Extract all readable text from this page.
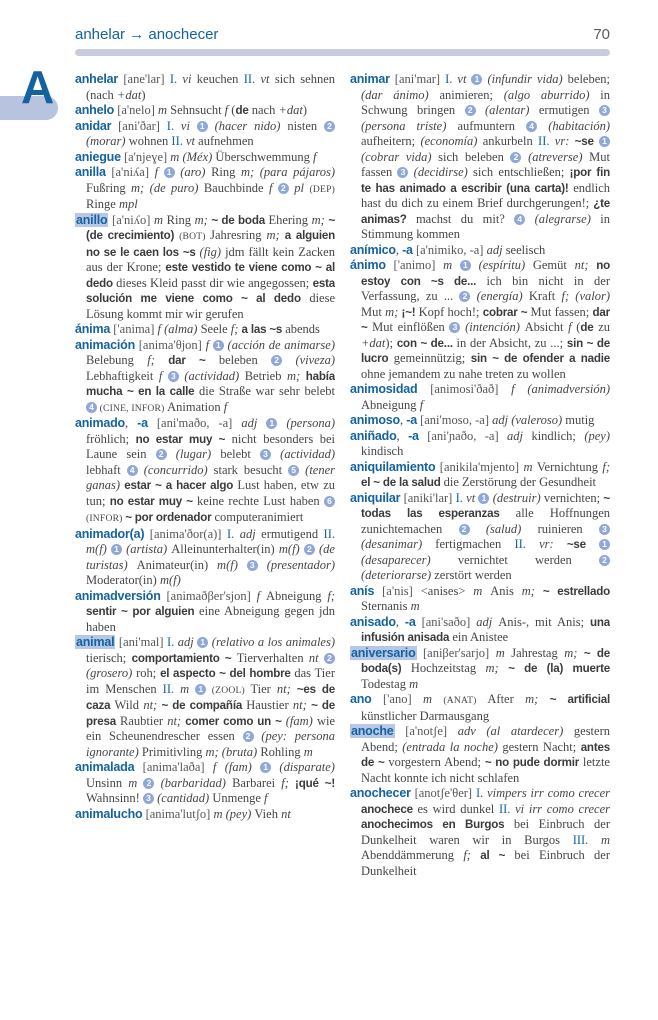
anhelar → anochecer	70
A anhelar [ane'lar] I. vi keuchen II. vt sich sehnen (nach +dat)

anhelo [a'nelo] m Sehnsucht f (de nach +dat)

anidar [ani'ðar] I. vi 1 (hacer nido) nisten 2 (morar) wohnen II. vt aufnehmen

aniegue [a'njeɣe] m (Méx) Überschwemmung f

anilla [a'niʎa] f 1 (aro) Ring m; (para pájaros) Fußring m; (de puro) Bauchbinde f 2 pl (DEP) Ringe mpl

anillo [a'niʎo] m Ring m; ~ de boda Ehering m; ~ (de crecimiento) (BOT) Jahresring m; a alguien no se le caen los ~s (fig) jdm fällt kein Zacken aus der Krone; este vestido te viene como ~ al dedo dieses Kleid passt dir wie angegossen; esta solución me viene como ~ al dedo diese Lösung kommt mir wir gerufen

ánima ['anima] f (alma) Seele f; a las ~s abends

animación [anima'θjon] f 1 (acción de animarse) Belebung f; dar ~ beleben 2 (viveza) Lebhaftigkeit f 3 (actividad) Betrieb m; había mucha ~ en la calle die Straße war sehr belebt 4 (CINE, INFOR) Animation f

animado, -a [ani'maðo, -a] adj 1 (persona) fröhlich; no estar muy ~ nicht besonders bei Laune sein 2 (lugar) belebt 3 (actividad) lebhaft 4 (concurrido) stark besucht 5 (tener ganas) estar ~ a hacer algo Lust haben, etw zu tun; no estar muy ~ keine rechte Lust haben 6 (INFOR) ~ por ordenador computeranimiert

animador(a) [anima'ðor(a)] I. adj ermutigend II. m(f) 1 (artista) Alleinunterhalter(in) m(f) 2 (de turistas) Animateur(in) m(f) 3 (presentador) Moderator(in) m(f)

animadversión [animaðβer'sjon] f Abneigung f; sentir ~ por alguien eine Abneigung gegen jdn haben

animal [ani'mal] I. adj 1 (relativo a los animales) tierisch; comportamiento ~ Tierverhalten nt 2 (grosero) roh; el aspecto ~ del hombre das Tier im Menschen II. m 1 (ZOOL) Tier nt; ~es de caza Wild nt; ~ de compañía Haustier nt; ~ de presa Raubtier nt; comer como un ~ (fam) wie ein Scheunendrescher essen 2 (pey: persona ignorante) Primitivling m; (bruta) Rohling m

animalada [anima'laða] f (fam) 1 (disparate) Unsinn m 2 (barbaridad) Barbarei f; ¡qué ~! Wahnsinn! 3 (cantidad) Unmenge f

animalucho [anima'lutʃo] m (pey) Vieh nt

animar [ani'mar] I. vt 1 (infundir vida) beleben; (dar ánimo) animieren; (algo aburrido) in Schwung bringen 2 (alentar) ermutigen 3 (persona triste) aufmuntern 4 (habitación) aufheitern; (economía) ankurbeln II. vr: ~se 1 (cobrar vida) sich beleben 2 (atreverse) Mut fassen 3 (decidirse) sich entschließen; ¡por fin te has animado a escribir (una carta)! endlich hast du dich zu einem Brief durchgerungen!; ¿te animas? machst du mit? 4 (alegrarse) in Stimmung kommen

anímico, -a [a'nimiko, -a] adj seelisch

ánimo ['animo] m 1 (espíritu) Gemüt nt; no estoy con ~s de... ich bin nicht in der Verfassung, zu ... 2 (energía) Kraft f; (valor) Mut m; ¡~! Kopf hoch!; cobrar ~ Mut fassen; dar ~ Mut einflößen 3 (intención) Absicht f (de zu +dat); con ~ de... in der Absicht, zu ...; sin ~ de lucro gemeinnützig; sin ~ de ofender a nadie ohne jemandem zu nahe treten zu wollen

animosidad [animosi'ðað] f (animadversión) Abneigung f

animoso, -a [ani'moso, -a] adj (valeroso) mutig

aniñado, -a [ani'ɲaðo, -a] adj kindlich; (pey) kindisch

aniquilamiento [anikila'mjento] m Vernichtung f; el ~ de la salud die Zerstörung der Gesundheit

aniquilar [aniki'lar] I. vt 1 (destruir) vernichten; ~ todas las esperanzas alle Hoffnungen zunichtemachen 2 (salud) ruinieren 3 (desanimar) fertigmachen II. vr: ~se 1 (desaparecer) vernichtet werden 2 (deteriorarse) zerstört werden

anís [a'nis] <anises> m Anis m; ~ estrellado Sternanis m

anisado, -a [ani'saðo] adj Anis-, mit Anis; una infusión anisada ein Anistee

aniversario [aniβer'sarjo] m Jahrestag m; ~ de boda(s) Hochzeitstag m; ~ de (la) muerte Todestag m

ano ['ano] m (ANAT) After m; ~ artificial künstlicher Darmausgang

anoche [a'notʃe] adv (al atardecer) gestern Abend; (entrada la noche) gestern Nacht; antes de ~ vorgestern Abend; ~ no pude dormir letzte Nacht konnte ich nicht schlafen

anochecer [anotʃe'θer] I. vimpers irr como crecer anochece es wird dunkel II. vi irr como crecer anochecimos en Burgos bei Einbruch der Dunkelheit waren wir in Burgos III. m Abenddämmerung f; al ~ bei Einbruch der Dunkelheit
